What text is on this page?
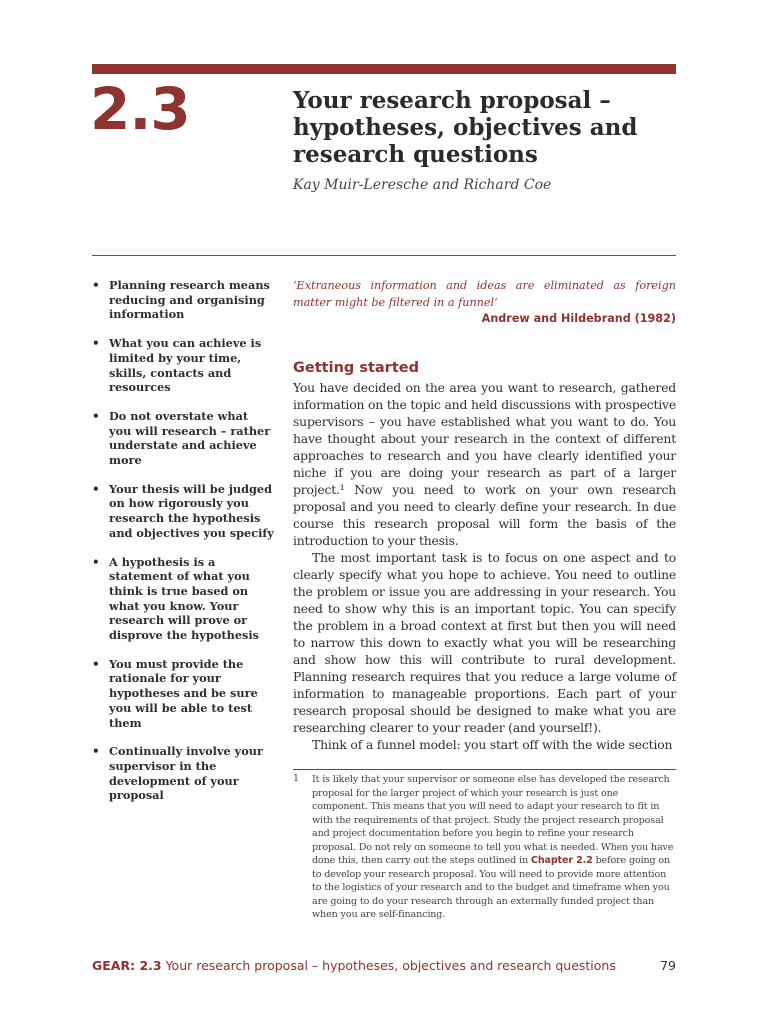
2.3	Your research proposal – hypotheses, objectives and research questions
Kay Muir-Leresche and Richard Coe
• Planning research means reducing and organising information
• What you can achieve is limited by your time, skills, contacts and resources
• Do not overstate what you will research – rather understate and achieve more
• Your thesis will be judged on how rigorously you research the hypothesis and objectives you specify
• A hypothesis is a statement of what you think is true based on what you know. Your research will prove or disprove the hypothesis
• You must provide the rationale for your hypotheses and be sure you will be able to test them
• Continually involve your supervisor in the development of your proposal

‘Extraneous information and ideas are eliminated as foreign matter might be filtered in a funnel’

Andrew and Hildebrand (1982)
Getting started

You have decided on the area you want to research, gathered information on the topic and held discussions with prospective supervisors – you have established what you want to do. You have thought about your research in the context of different approaches to research and you have clearly identified your niche if you are doing your research as part of a larger project.¹ Now you need to work on your own research proposal and you need to clearly define your research. In due course this research proposal will form the basis of the introduction to your thesis.

The most important task is to focus on one aspect and to clearly specify what you hope to achieve. You need to outline the problem or issue you are addressing in your research. You need to show why this is an important topic. You can specify the problem in a broad context at first but then you will need to narrow this down to exactly what you will be researching and show how this will contribute to rural development. Planning research requires that you reduce a large volume of information to manageable proportions. Each part of your research proposal should be designed to make what you are researching clearer to your reader (and yourself!).

Think of a funnel model: you start off with the wide section

1 It is likely that your supervisor or someone else has developed the research proposal for the larger project of which your research is just one component. This means that you will need to adapt your research to fit in with the requirements of that project. Study the project research proposal and project documentation before you begin to refine your research proposal. Do not rely on someone to tell you what is needed. When you have done this, then carry out the steps outlined in Chapter 2.2 before going on to develop your research proposal. You will need to provide more attention to the logistics of your research and to the budget and timeframe when you are going to do your research through an externally funded project than when you are self-financing.

GEAR: 2.3 Your research proposal – hypotheses, objectives and research questions	79
